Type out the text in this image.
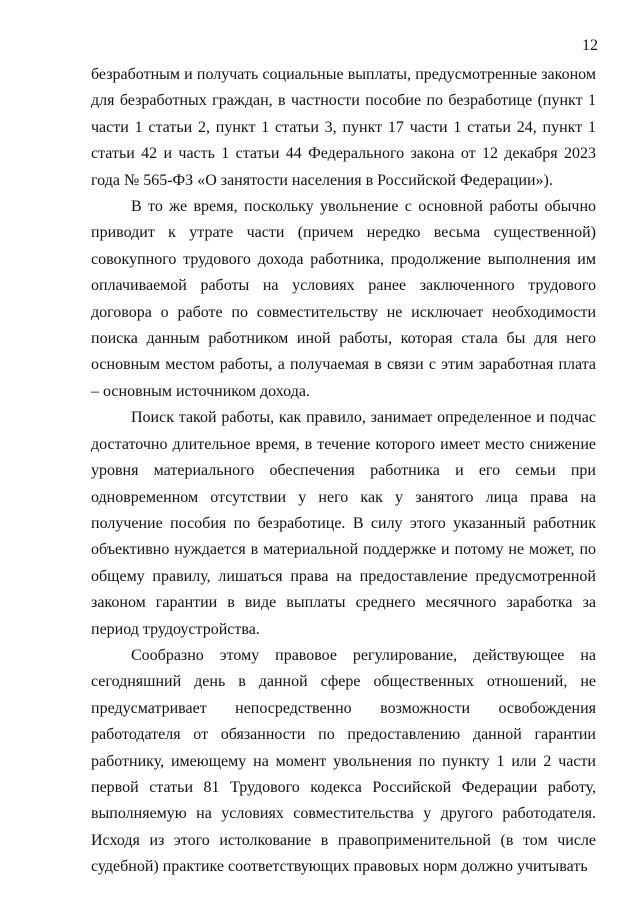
12

безработным и получать социальные выплаты, предусмотренные законом для безработных граждан, в частности пособие по безработице (пункт 1 части 1 статьи 2, пункт 1 статьи 3, пункт 17 части 1 статьи 24, пункт 1 статьи 42 и часть 1 статьи 44 Федерального закона от 12 декабря 2023 года № 565-ФЗ «О занятости населения в Российской Федерации»).

В то же время, поскольку увольнение с основной работы обычно приводит к утрате части (причем нередко весьма существенной) совокупного трудового дохода работника, продолжение выполнения им оплачиваемой работы на условиях ранее заключенного трудового договора о работе по совместительству не исключает необходимости поиска данным работником иной работы, которая стала бы для него основным местом работы, а получаемая в связи с этим заработная плата – основным источником дохода.

Поиск такой работы, как правило, занимает определенное и подчас достаточно длительное время, в течение которого имеет место снижение уровня материального обеспечения работника и его семьи при одновременном отсутствии у него как у занятого лица права на получение пособия по безработице. В силу этого указанный работник объективно нуждается в материальной поддержке и потому не может, по общему правилу, лишаться права на предоставление предусмотренной законом гарантии в виде выплаты среднего месячного заработка за период трудоустройства.

Сообразно этому правовое регулирование, действующее на сегодняшний день в данной сфере общественных отношений, не предусматривает непосредственно возможности освобождения работодателя от обязанности по предоставлению данной гарантии работнику, имеющему на момент увольнения по пункту 1 или 2 части первой статьи 81 Трудового кодекса Российской Федерации работу, выполняемую на условиях совместительства у другого работодателя. Исходя из этого истолкование в правоприменительной (в том числе судебной) практике соответствующих правовых норм должно учитывать
